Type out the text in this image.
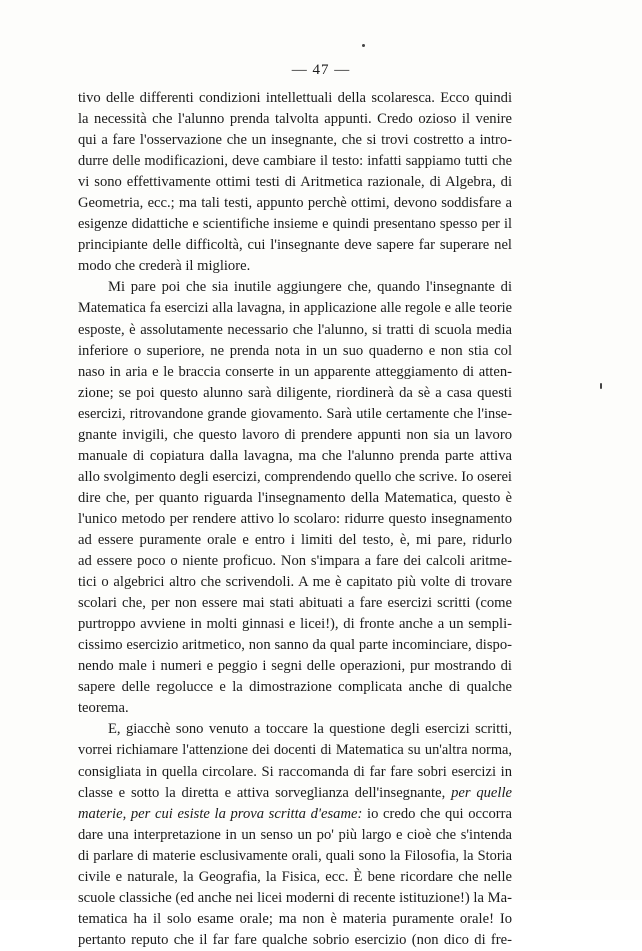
— 47 —
tivo delle differenti condizioni intellettuali della scolaresca. Ecco quindi
la necessità che l'alunno prenda talvolta appunti. Credo ozioso il venire
qui a fare l'osservazione che un insegnante, che si trovi costretto a intro-
durre delle modificazioni, deve cambiare il testo: infatti sappiamo tutti che
vi sono effettivamente ottimi testi di Aritmetica razionale, di Algebra, di
Geometria, ecc.; ma tali testi, appunto perchè ottimi, devono soddisfare a
esigenze didattiche e scientifiche insieme e quindi presentano spesso per il
principiante delle difficoltà, cui l'insegnante deve sapere far superare nel
modo che crederà il migliore.
Mi pare poi che sia inutile aggiungere che, quando l'insegnante di
Matematica fa esercizi alla lavagna, in applicazione alle regole e alle teorie
esposte, è assolutamente necessario che l'alunno, si tratti di scuola media
inferiore o superiore, ne prenda nota in un suo quaderno e non stia col
naso in aria e le braccia conserte in un apparente atteggiamento di atten-
zione; se poi questo alunno sarà diligente, riordinerà da sè a casa questi
esercizi, ritrovandone grande giovamento. Sarà utile certamente che l'inse-
gnante invigili, che questo lavoro di prendere appunti non sia un lavoro
manuale di copiatura dalla lavagna, ma che l'alunno prenda parte attiva
allo svolgimento degli esercizi, comprendendo quello che scrive. Io oserei
dire che, per quanto riguarda l'insegnamento della Matematica, questo è
l'unico metodo per rendere attivo lo scolaro: ridurre questo insegnamento
ad essere puramente orale e entro i limiti del testo, è, mi pare, ridurlo
ad essere poco o niente proficuo. Non s'impara a fare dei calcoli aritme-
tici o algebrici altro che scrivendoli. A me è capitato più volte di trovare
scolari che, per non essere mai stati abituati a fare esercizi scritti (come
purtroppo avviene in molti ginnasi e licei!), di fronte anche a un sempli-
cissimo esercizio aritmetico, non sanno da qual parte incominciare, dispo-
nendo male i numeri e peggio i segni delle operazioni, pur mostrando di
sapere delle regolucce e la dimostrazione complicata anche di qualche
teorema.
E, giacchè sono venuto a toccare la questione degli esercizi scritti,
vorrei richiamare l'attenzione dei docenti di Matematica su un'altra norma,
consigliata in quella circolare. Si raccomanda di far fare sobri esercizi in
classe e sotto la diretta e attiva sorveglianza dell'insegnante, per quelle
materie, per cui esiste la prova scritta d'esame: io credo che qui occorra
dare una interpretazione in un senso un po' più largo e cioè che s'intenda
di parlare di materie esclusivamente orali, quali sono la Filosofia, la Storia
civile e naturale, la Geografia, la Fisica, ecc. È bene ricordare che nelle
scuole classiche (ed anche nei licei moderni di recente istituzione!) la Ma-
tematica ha il solo esame orale; ma non è materia puramente orale! Io
pertanto reputo che il far fare qualche sobrio esercizio (non dico di fre-
